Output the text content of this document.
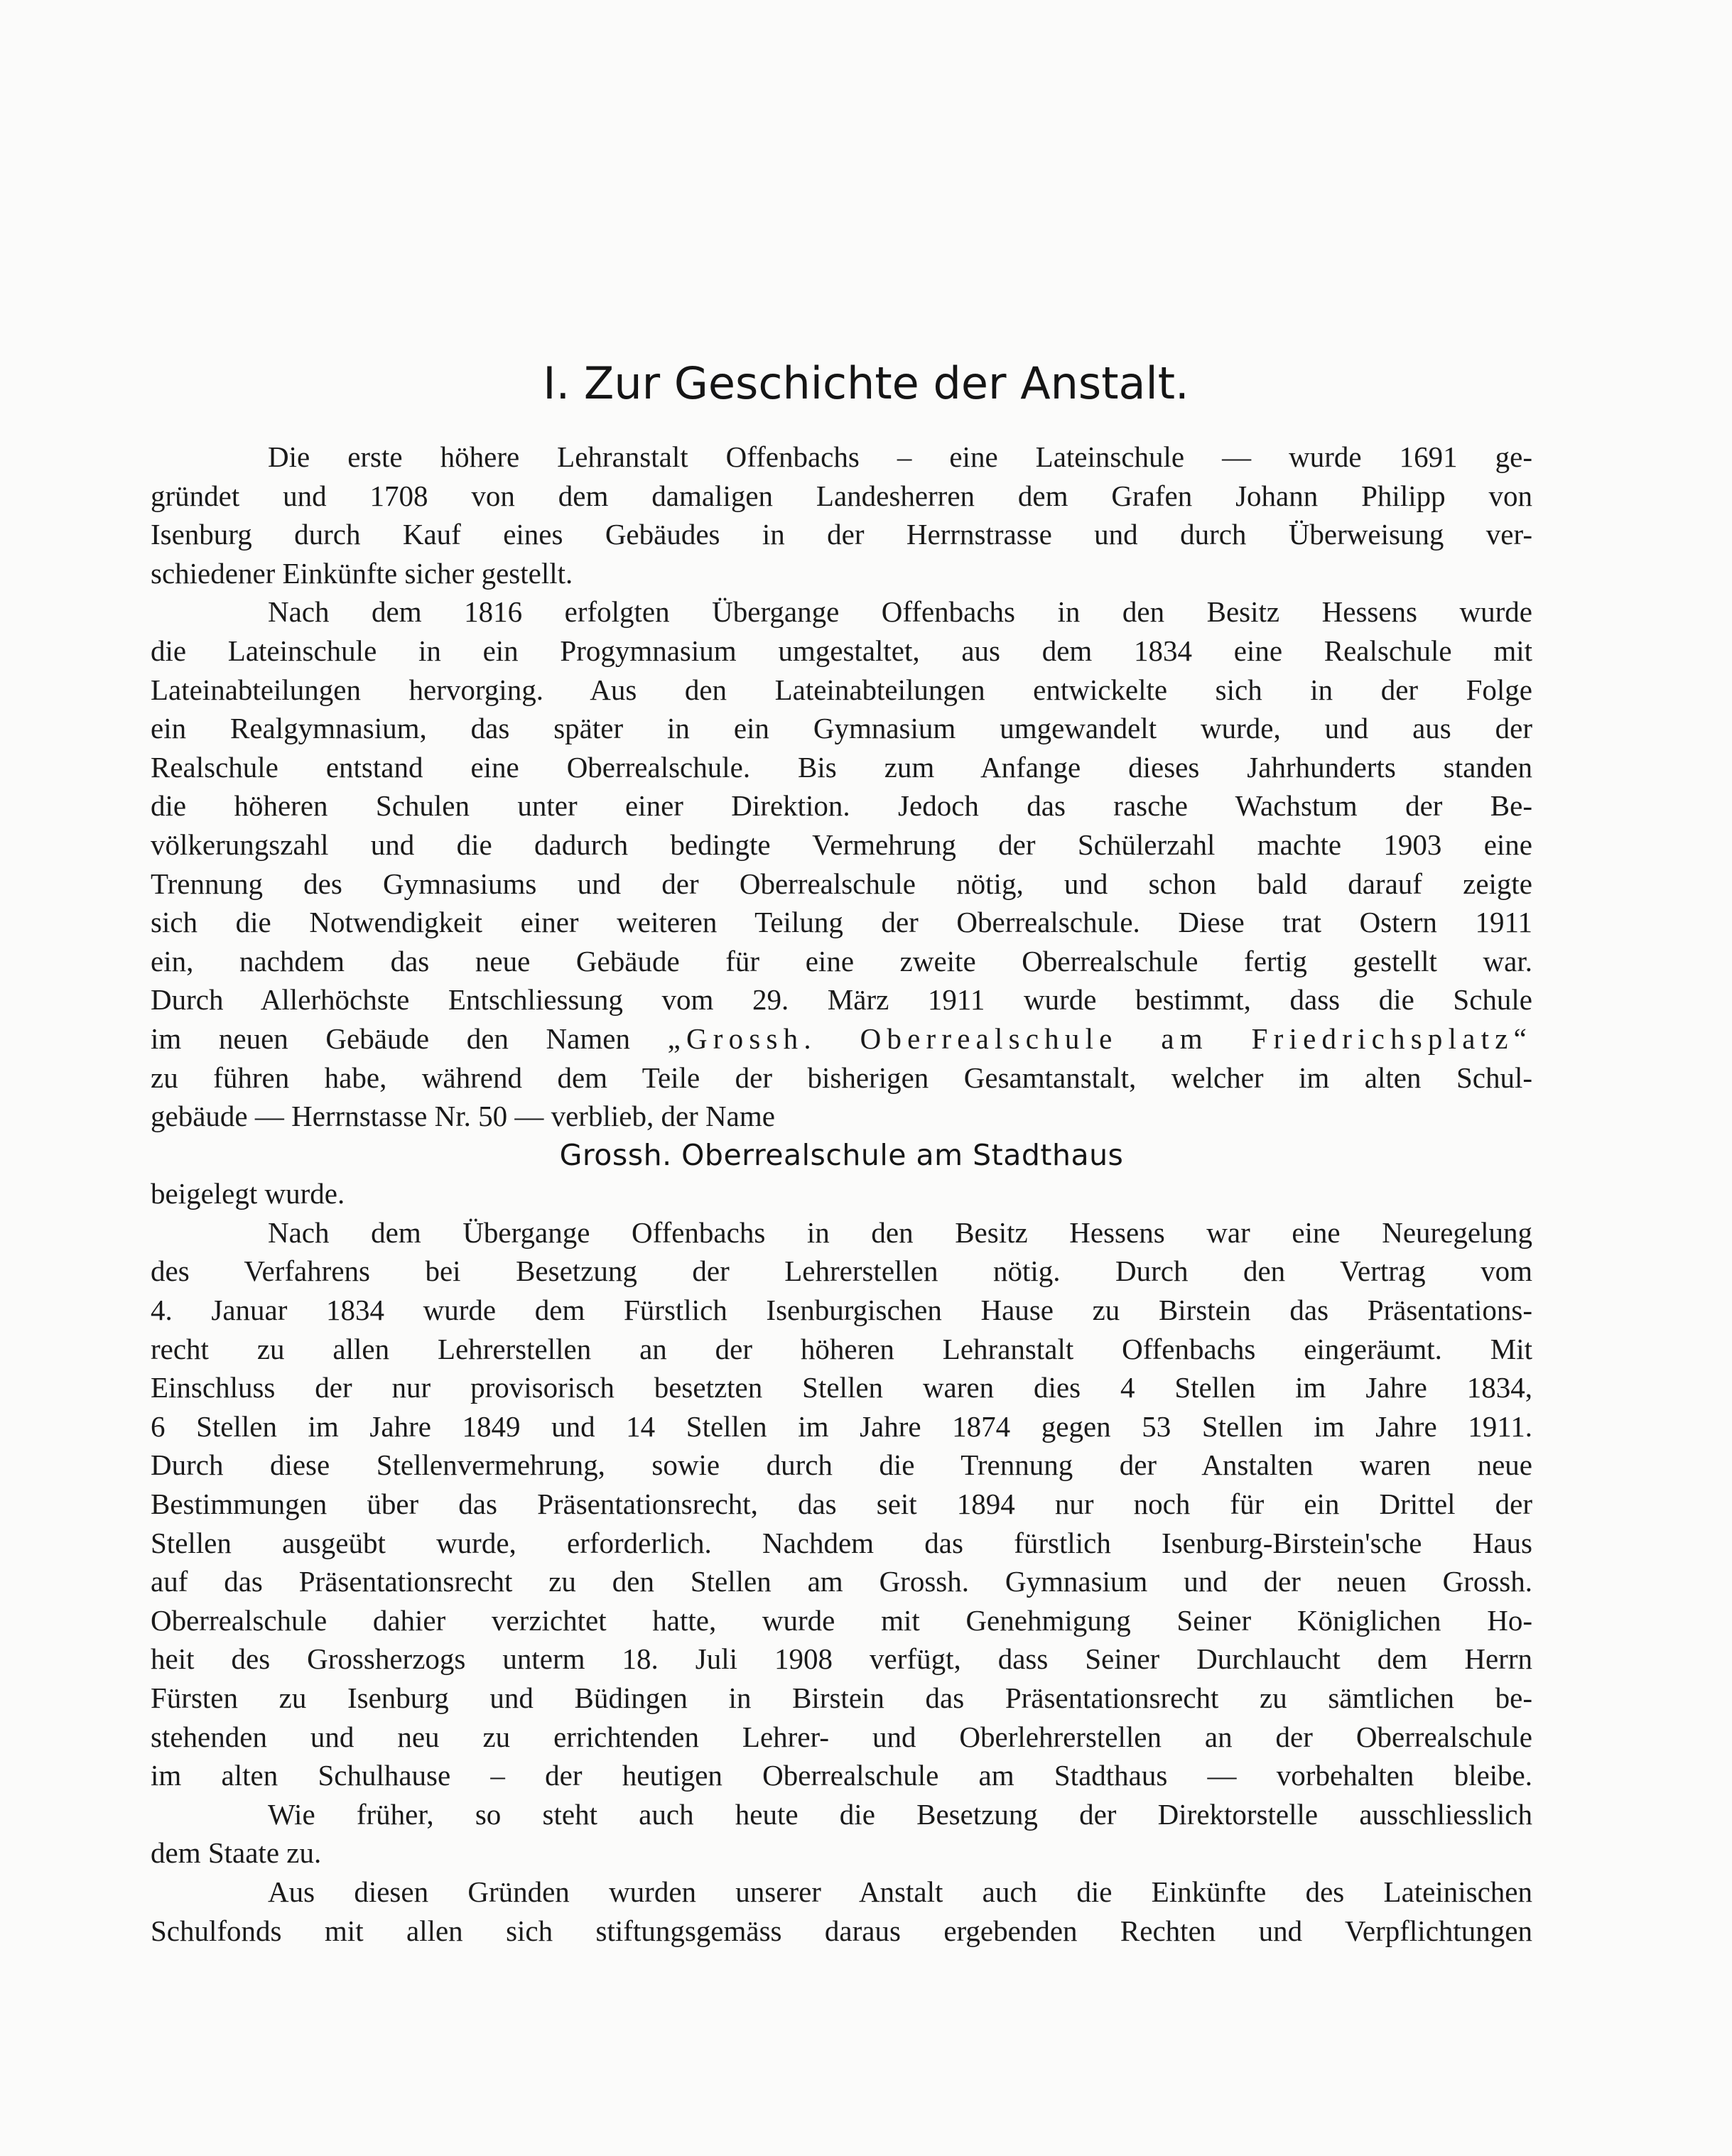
I. Zur Geschichte der Anstalt.
Die erste höhere Lehranstalt Offenbachs – eine Lateinschule — wurde 1691 ge-
gründet und 1708 von dem damaligen Landesherren dem Grafen Johann Philipp von
Isenburg durch Kauf eines Gebäudes in der Herrnstrasse und durch Überweisung ver-
schiedener Einkünfte sicher gestellt.
Nach dem 1816 erfolgten Übergange Offenbachs in den Besitz Hessens wurde
die Lateinschule in ein Progymnasium umgestaltet, aus dem 1834 eine Realschule mit
Lateinabteilungen hervorging. Aus den Lateinabteilungen entwickelte sich in der Folge
ein Realgymnasium, das später in ein Gymnasium umgewandelt wurde, und aus der
Realschule entstand eine Oberrealschule. Bis zum Anfange dieses Jahrhunderts standen
die höheren Schulen unter einer Direktion. Jedoch das rasche Wachstum der Be-
völkerungszahl und die dadurch bedingte Vermehrung der Schülerzahl machte 1903 eine
Trennung des Gymnasiums und der Oberrealschule nötig, und schon bald darauf zeigte
sich die Notwendigkeit einer weiteren Teilung der Oberrealschule. Diese trat Ostern 1911
ein, nachdem das neue Gebäude für eine zweite Oberrealschule fertig gestellt war.
Durch Allerhöchste Entschliessung vom 29. März 1911 wurde bestimmt, dass die Schule
im neuen Gebäude den Namen „Grossh. Oberrealschule am Friedrichsplatz“
zu führen habe, während dem Teile der bisherigen Gesamtanstalt, welcher im alten Schul-
gebäude — Herrnstasse Nr. 50 — verblieb, der Name
Grossh. Oberrealschule am Stadthaus
beigelegt wurde.
Nach dem Übergange Offenbachs in den Besitz Hessens war eine Neuregelung
des Verfahrens bei Besetzung der Lehrerstellen nötig. Durch den Vertrag vom
4. Januar 1834 wurde dem Fürstlich Isenburgischen Hause zu Birstein das Präsentations-
recht zu allen Lehrerstellen an der höheren Lehranstalt Offenbachs eingeräumt. Mit
Einschluss der nur provisorisch besetzten Stellen waren dies 4 Stellen im Jahre 1834,
6 Stellen im Jahre 1849 und 14 Stellen im Jahre 1874 gegen 53 Stellen im Jahre 1911.
Durch diese Stellenvermehrung, sowie durch die Trennung der Anstalten waren neue
Bestimmungen über das Präsentationsrecht, das seit 1894 nur noch für ein Drittel der
Stellen ausgeübt wurde, erforderlich. Nachdem das fürstlich Isenburg-Birstein'sche Haus
auf das Präsentationsrecht zu den Stellen am Grossh. Gymnasium und der neuen Grossh.
Oberrealschule dahier verzichtet hatte, wurde mit Genehmigung Seiner Königlichen Ho-
heit des Grossherzogs unterm 18. Juli 1908 verfügt, dass Seiner Durchlaucht dem Herrn
Fürsten zu Isenburg und Büdingen in Birstein das Präsentationsrecht zu sämtlichen be-
stehenden und neu zu errichtenden Lehrer- und Oberlehrerstellen an der Oberrealschule
im alten Schulhause – der heutigen Oberrealschule am Stadthaus — vorbehalten bleibe.
Wie früher, so steht auch heute die Besetzung der Direktorstelle ausschliesslich
dem Staate zu.
Aus diesen Gründen wurden unserer Anstalt auch die Einkünfte des Lateinischen
Schulfonds mit allen sich stiftungsgemäss daraus ergebenden Rechten und Verpflichtungen
